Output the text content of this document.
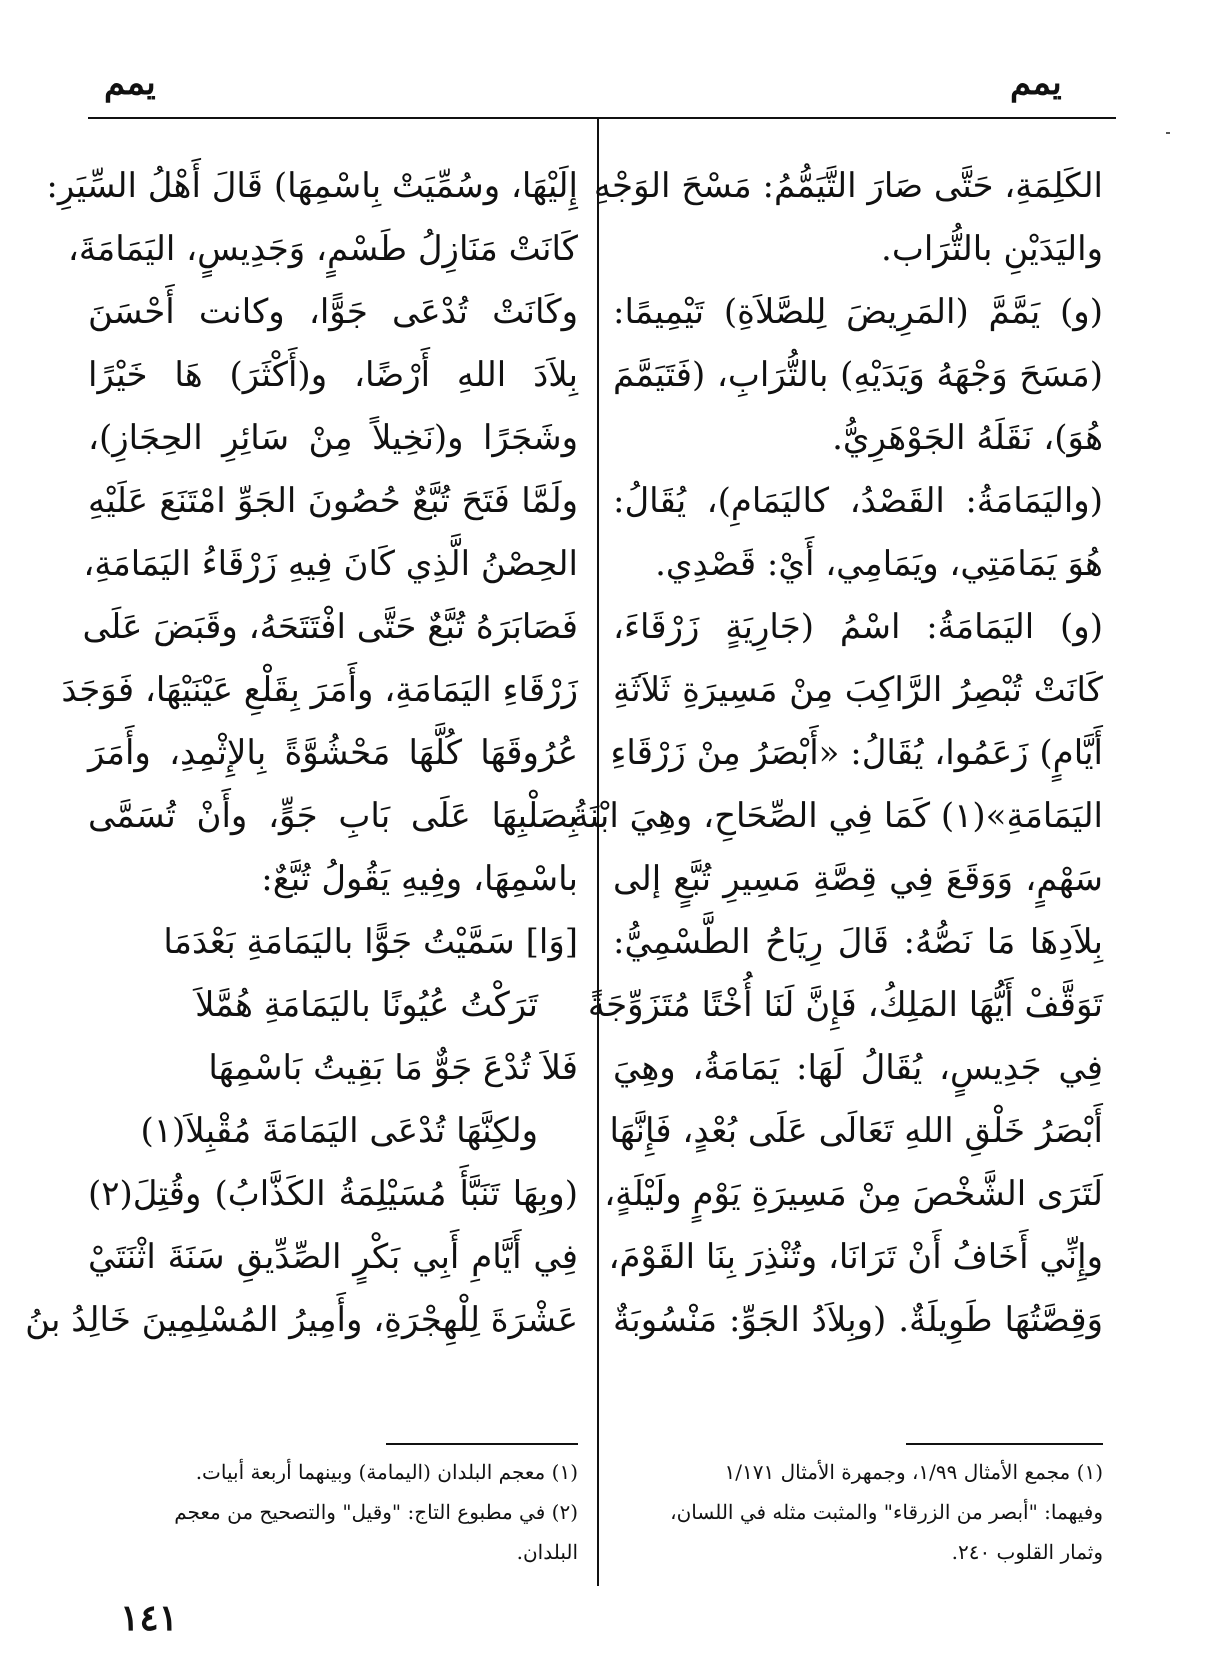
يمم
يمم
الكَلِمَةِ، حَتَّى صَارَ التَّيَمُّمُ: مَسْحَ الوَجْهِ
واليَدَيْنِ بالتُّرَاب.
(و) يَمَّمَّ (المَرِيضَ لِلصَّلاَةِ) تَيْمِيمًا:
(مَسَحَ وَجْهَهُ وَيَدَيْهِ) بالتُّرَابِ، (فَتَيَمَّمَ
هُوَ)، نَقَلَهُ الجَوْهَرِيُّ.
(واليَمَامَةُ: القَصْدُ، كاليَمَامِ)، يُقَالُ:
هُوَ يَمَامَتِي، ويَمَامِي، أَيْ: قَصْدِي.
(و) اليَمَامَةُ: اسْمُ (جَارِيَةٍ زَرْقَاءَ،
كَانَتْ تُبْصِرُ الرَّاكِبَ مِنْ مَسِيرَةِ ثَلاَثَةِ
أَيَّامٍ) زَعَمُوا، يُقَالُ: «أَبْصَرُ مِنْ زَرْقَاءِ
اليَمَامَةِ»(١) كَمَا فِي الصِّحَاحِ، وهِيَ ابْنَةُ
سَهْمٍ، وَوَقَعَ فِي قِصَّةِ مَسِيرِ تُبَّعٍ إلى
بِلاَدِهَا مَا نَصُّهُ: قَالَ رِيَاحُ الطَّسْمِيُّ:
تَوَقَّفْ أَيُّهَا المَلِكُ، فَإِنَّ لَنَا أُخْتًا مُتَزَوِّجَةً
فِي جَدِيسٍ، يُقَالُ لَهَا: يَمَامَةُ، وهِيَ
أَبْصَرُ خَلْقِ اللهِ تَعَالَى عَلَى بُعْدٍ، فَإِنَّهَا
لَتَرَى الشَّخْصَ مِنْ مَسِيرَةِ يَوْمٍ ولَيْلَةٍ،
وإِنِّي أَخَافُ أَنْ تَرَانَا، وتُنْذِرَ بِنَا القَوْمَ،
وَقِصَّتُهَا طَوِيلَةٌ. (وبِلاَدُ الجَوِّ: مَنْسُوبَةٌ
إِلَيْهَا، وسُمِّيَتْ بِاسْمِهَا) قَالَ أَهْلُ السِّيَرِ:
كَانَتْ مَنَازِلُ طَسْمٍ، وَجَدِيسٍ، اليَمَامَةَ،
وكَانَتْ تُدْعَى جَوًّا، وكانت أَحْسَنَ
بِلاَدَ اللهِ أَرْضًا، و(أَكْثَرَ) هَا خَيْرًا
وشَجَرًا و(نَخِيلاً مِنْ سَائِرِ الحِجَازِ)،
ولَمَّا فَتَحَ تُبَّعٌ حُصُونَ الجَوِّ امْتَنَعَ عَلَيْهِ
الحِصْنُ الَّذِي كَانَ فِيهِ زَرْقَاءُ اليَمَامَةِ،
فَصَابَرَهُ تُبَّعٌ حَتَّى افْتَتَحَهُ، وقَبَضَ عَلَى
زَرْقَاءِ اليَمَامَةِ، وأَمَرَ بِقَلْعِ عَيْنَيْهَا، فَوَجَدَ
عُرُوقَهَا كُلَّهَا مَحْشُوَّةً بِالإِثْمِدِ، وأَمَرَ
بِصَلْبِهَا عَلَى بَابِ جَوٍّ، وأَنْ تُسَمَّى
باسْمِهَا، وفِيهِ يَقُولُ تُبَّعٌ:
[وَا] سَمَّيْتُ جَوًّا باليَمَامَةِ بَعْدَمَا
تَرَكْتُ عُيُونًا باليَمَامَةِ هُمَّلاَ
فَلاَ تُدْعَ جَوٌّ مَا بَقِيتُ بَاسْمِهَا
ولكِنَّهَا تُدْعَى اليَمَامَةَ مُقْبِلاَ(١)
(وبِهَا تَنَبَّأَ مُسَيْلِمَةُ الكَذَّابُ) وقُتِلَ(٢)
فِي أَيَّامِ أَبِي بَكْرٍ الصِّدِّيقِ سَنَةَ اثْنَتَيْ
عَشْرَةَ لِلْهِجْرَةِ، وأَمِيرُ المُسْلِمِينَ خَالِدُ بنُ
(١) مجمع الأمثال ١/٩٩، وجمهرة الأمثال ١/١٧١
وفيهما: "أبصر من الزرقاء" والمثبت مثله في اللسان،
وثمار القلوب ٢٤٠.
(١) معجم البلدان (اليمامة) وبينهما أربعة أبيات.
(٢) في مطبوع التاج: "وقيل" والتصحيح من معجم
البلدان.
١٤١
